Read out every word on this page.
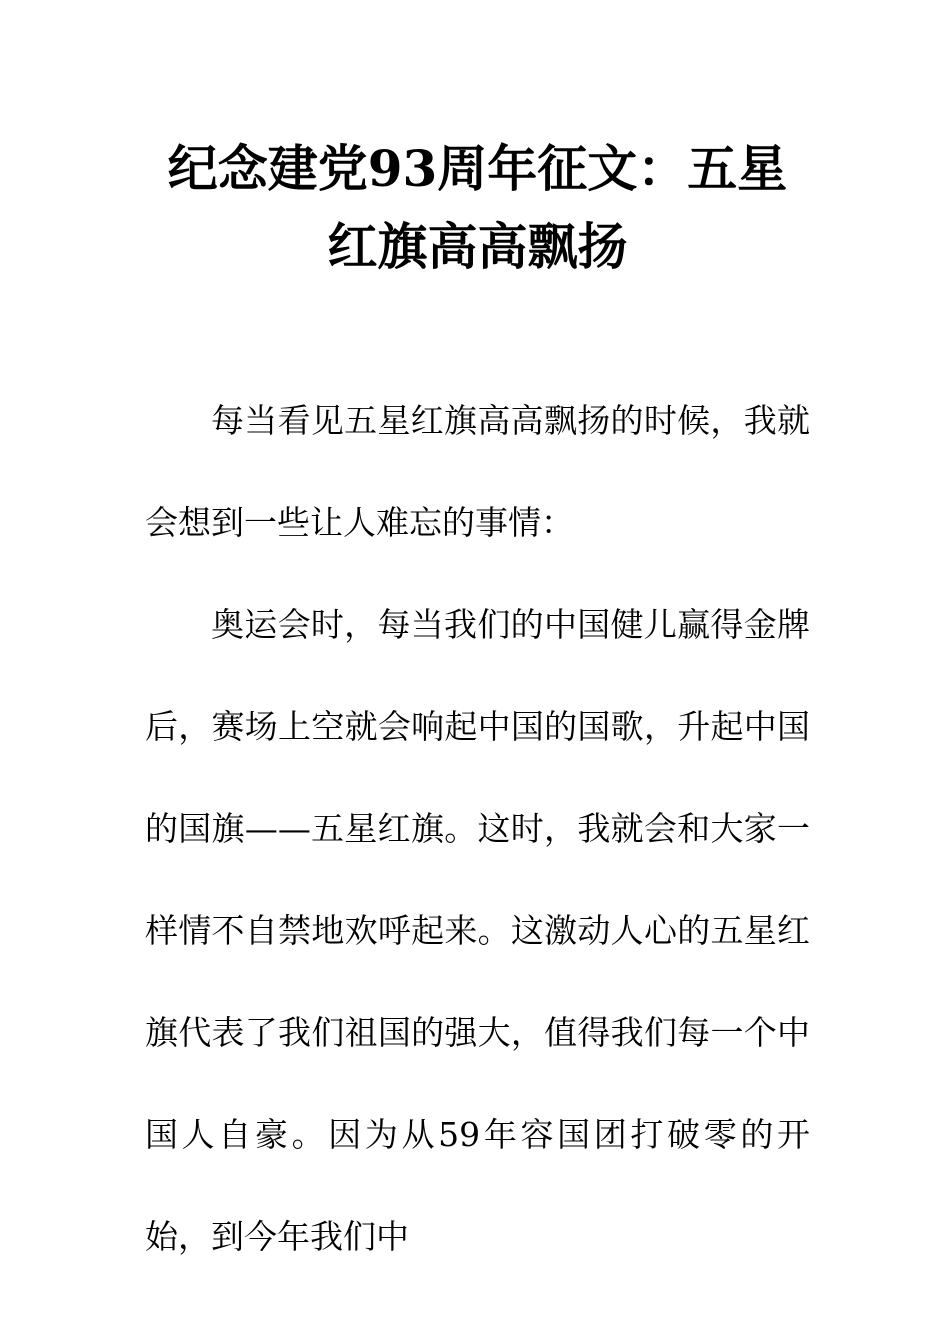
纪念建党93周年征文：五星红旗高高飘扬

每当看见五星红旗高高飘扬的时候，我就会想到一些让人难忘的事情：

奥运会时，每当我们的中国健儿赢得金牌后，赛场上空就会响起中国的国歌，升起中国的国旗——五星红旗。这时，我就会和大家一样情不自禁地欢呼起来。这激动人心的五星红旗代表了我们祖国的强大，值得我们每一个中国人自豪。因为从59年容国团打破零的开始，到今年我们中
